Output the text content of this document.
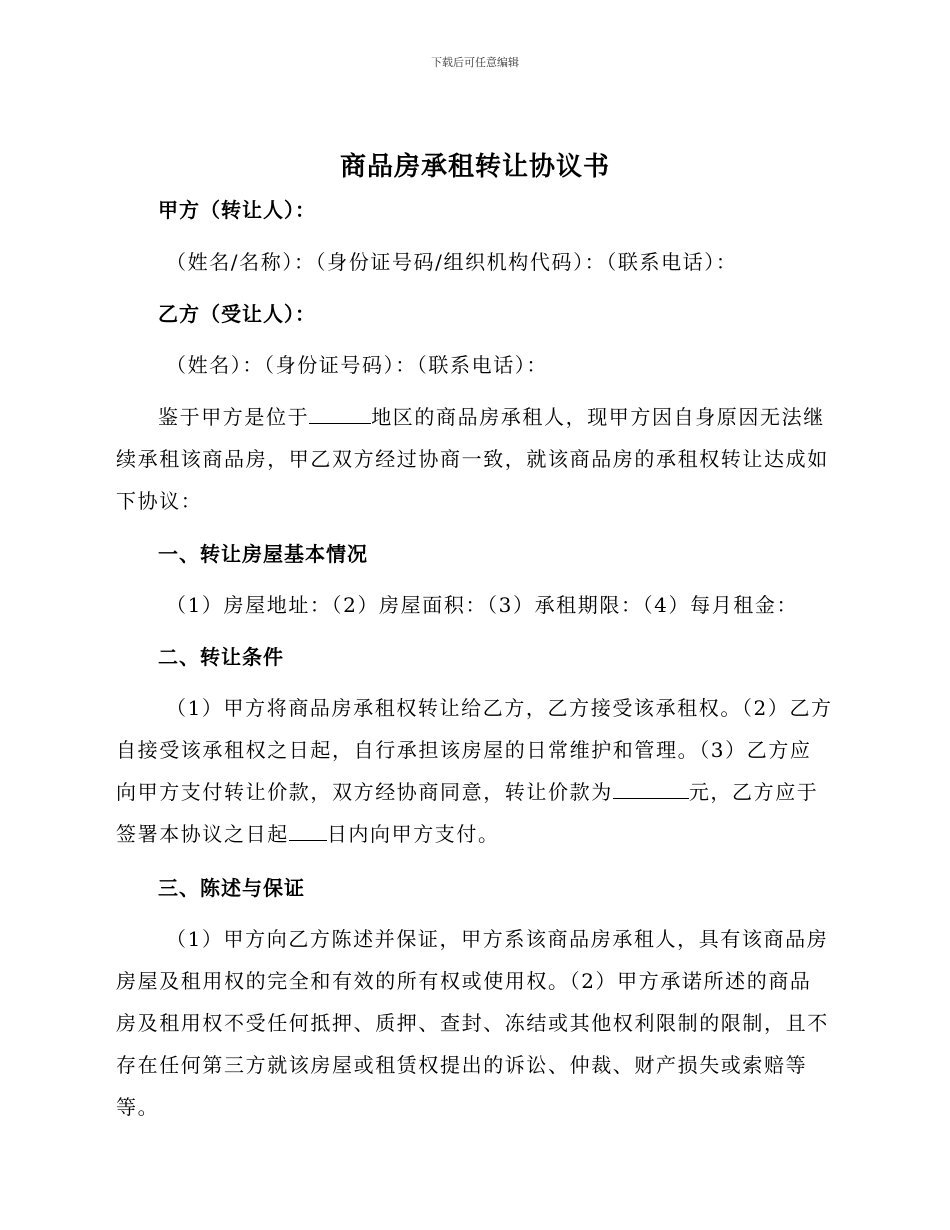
下载后可任意编辑
商品房承租转让协议书
甲方（转让人）：
（姓名/名称）：（身份证号码/组织机构代码）：（联系电话）：
乙方（受让人）：
（姓名）：（身份证号码）：（联系电话）：
鉴于甲方是位于	地区的商品房承租人，现甲方因自身原因无法继
续承租该商品房，甲乙双方经过协商一致，就该商品房的承租权转让达成如
下协议：
一、转让房屋基本情况
（1）房屋地址：（2）房屋面积：（3）承租期限：（4）每月租金：
二、转让条件
（1）甲方将商品房承租权转让给乙方，乙方接受该承租权。（2）乙方
自接受该承租权之日起，自行承担该房屋的日常维护和管理。（3）乙方应
向甲方支付转让价款，双方经协商同意，转让价款为	元，乙方应于
签署本协议之日起 日内向甲方支付。
三、陈述与保证
（1）甲方向乙方陈述并保证，甲方系该商品房承租人，具有该商品房
房屋及租用权的完全和有效的所有权或使用权。（2）甲方承诺所述的商品
房及租用权不受任何抵押、质押、查封、冻结或其他权利限制的限制，且不
存在任何第三方就该房屋或租赁权提出的诉讼、仲裁、财产损失或索赔等
等。
